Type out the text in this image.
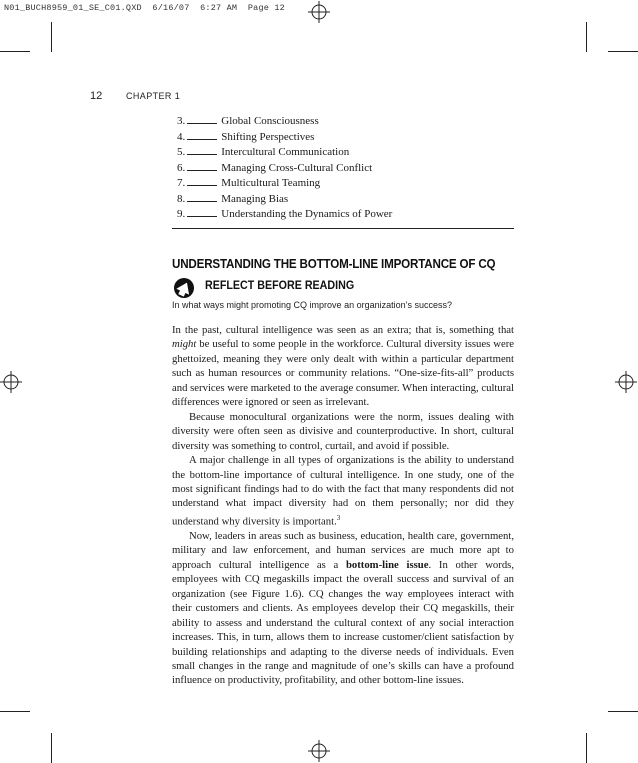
N01_BUCH8959_01_SE_C01.QXD  6/16/07  6:27 AM  Page 12
12	CHAPTER 1
3.	Global Consciousness
4.	Shifting Perspectives
5.	Intercultural Communication
6.	Managing Cross-Cultural Conflict
7.	Multicultural Teaming
8.	Managing Bias
9.	Understanding the Dynamics of Power
UNDERSTANDING THE BOTTOM-LINE IMPORTANCE OF CQ
REFLECT BEFORE READING
In what ways might promoting CQ improve an organization’s success?

In the past, cultural intelligence was seen as an extra; that is, something that might be useful to some people in the workforce. Cultural diversity issues were ghettoized, meaning they were only dealt with within a particular department such as human resources or community relations. “One-size-fits-all” products and services were marketed to the average consumer. When interacting, cultural differences were ignored or seen as irrelevant.

Because monocultural organizations were the norm, issues dealing with diversity were often seen as divisive and counterproductive. In short, cultural diversity was something to control, curtail, and avoid if possible.

A major challenge in all types of organizations is the ability to understand the bottom-line importance of cultural intelligence. In one study, one of the most significant findings had to do with the fact that many respondents did not understand what impact diversity had on them personally; nor did they understand why diversity is important.$^3$

Now, leaders in areas such as business, education, health care, government, military and law enforcement, and human services are much more apt to approach cultural intelligence as a bottom-line issue. In other words, employees with CQ megaskills impact the overall success and survival of an organization (see Figure 1.6). CQ changes the way employees interact with their customers and clients. As employees develop their CQ megaskills, their ability to assess and understand the cultural context of any social interaction increases. This, in turn, allows them to increase customer/client satisfaction by building relationships and adapting to the diverse needs of individuals. Even small changes in the range and magnitude of one’s skills can have a profound influence on productivity, profitability, and other bottom-line issues.
